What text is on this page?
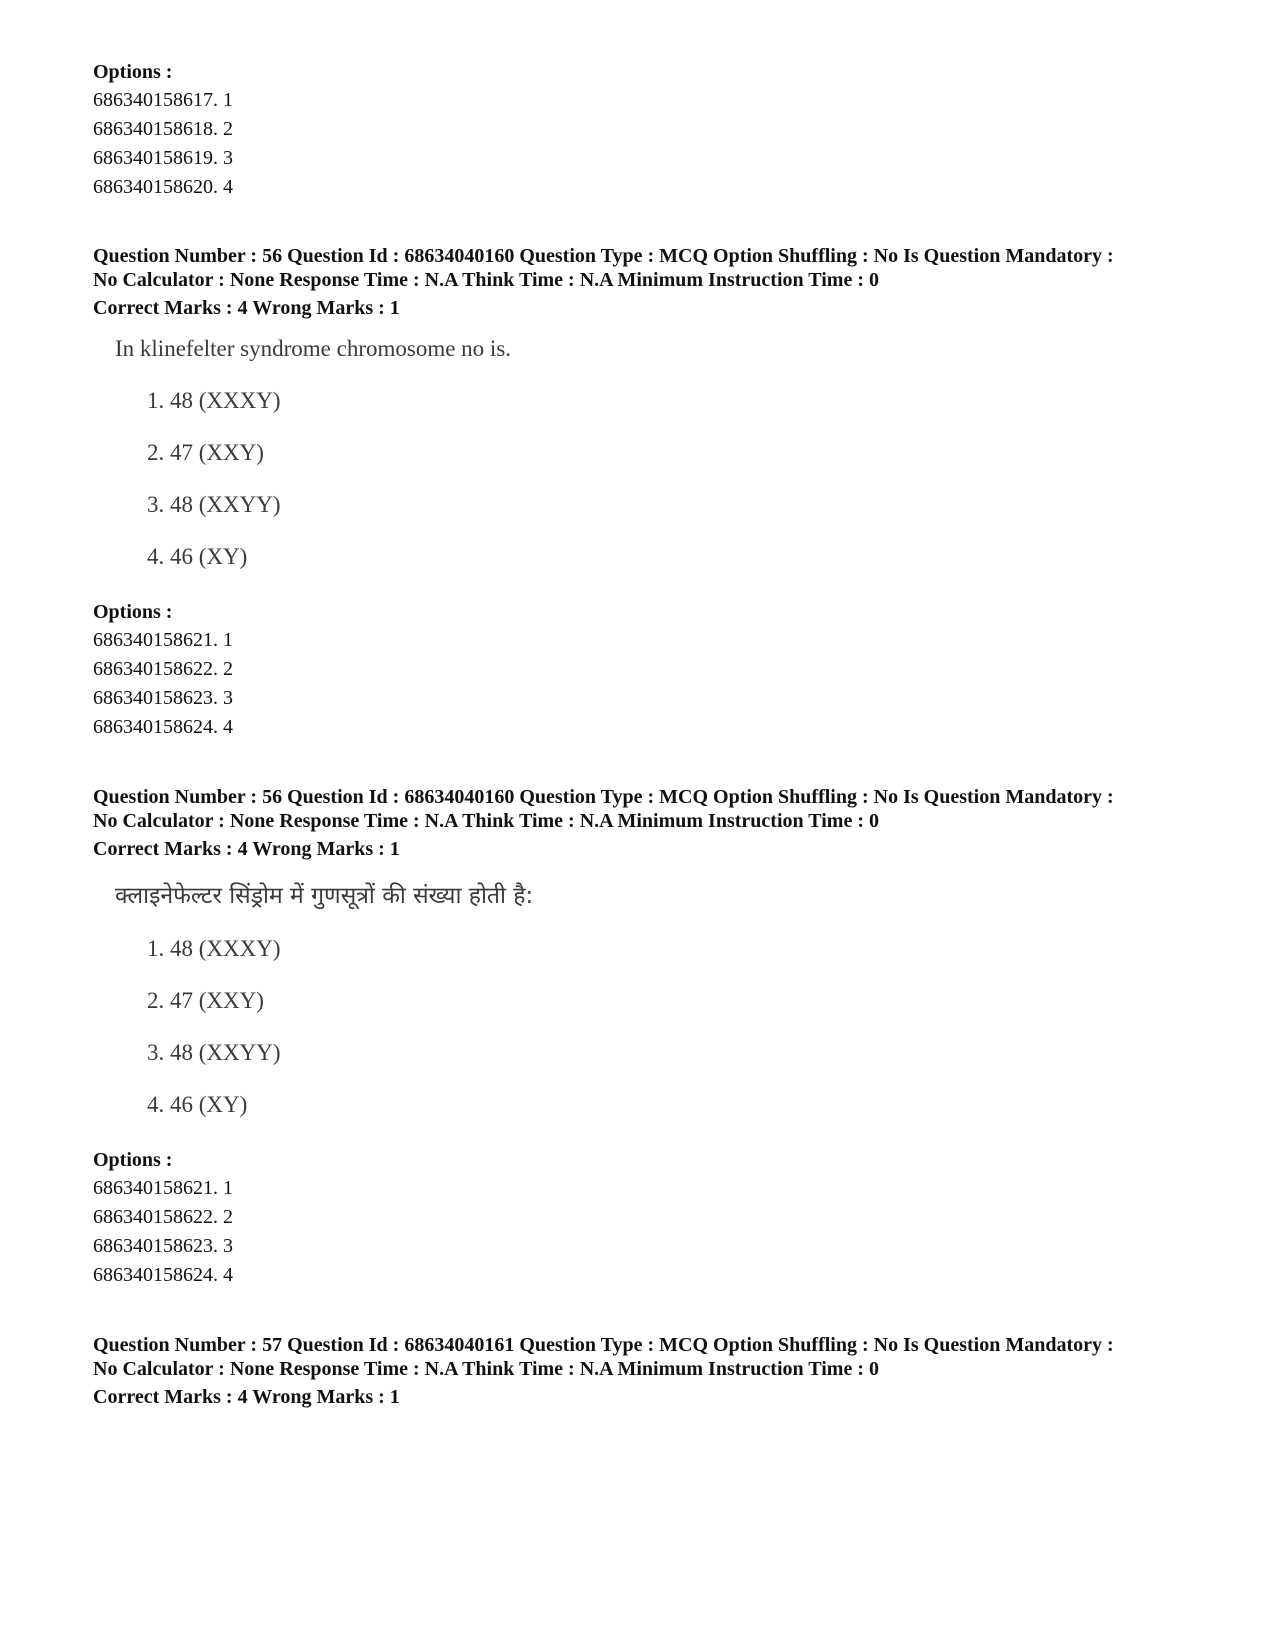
Options :
686340158617. 1
686340158618. 2
686340158619. 3
686340158620. 4
Question Number : 56 Question Id : 68634040160 Question Type : MCQ Option Shuffling : No Is Question Mandatory :
No Calculator : None Response Time : N.A Think Time : N.A Minimum Instruction Time : 0
Correct Marks : 4 Wrong Marks : 1
In klinefelter syndrome chromosome no is.
1. 48 (XXXY)
2. 47 (XXY)
3. 48 (XXYY)
4. 46 (XY)
Options :
686340158621. 1
686340158622. 2
686340158623. 3
686340158624. 4
Question Number : 56 Question Id : 68634040160 Question Type : MCQ Option Shuffling : No Is Question Mandatory :
No Calculator : None Response Time : N.A Think Time : N.A Minimum Instruction Time : 0
Correct Marks : 4 Wrong Marks : 1
क्लाइनेफेल्टर सिंड्रोम में गुणसूत्रों की संख्या होती है:
1. 48 (XXXY)
2. 47 (XXY)
3. 48 (XXYY)
4. 46 (XY)
Options :
686340158621. 1
686340158622. 2
686340158623. 3
686340158624. 4
Question Number : 57 Question Id : 68634040161 Question Type : MCQ Option Shuffling : No Is Question Mandatory :
No Calculator : None Response Time : N.A Think Time : N.A Minimum Instruction Time : 0
Correct Marks : 4 Wrong Marks : 1
